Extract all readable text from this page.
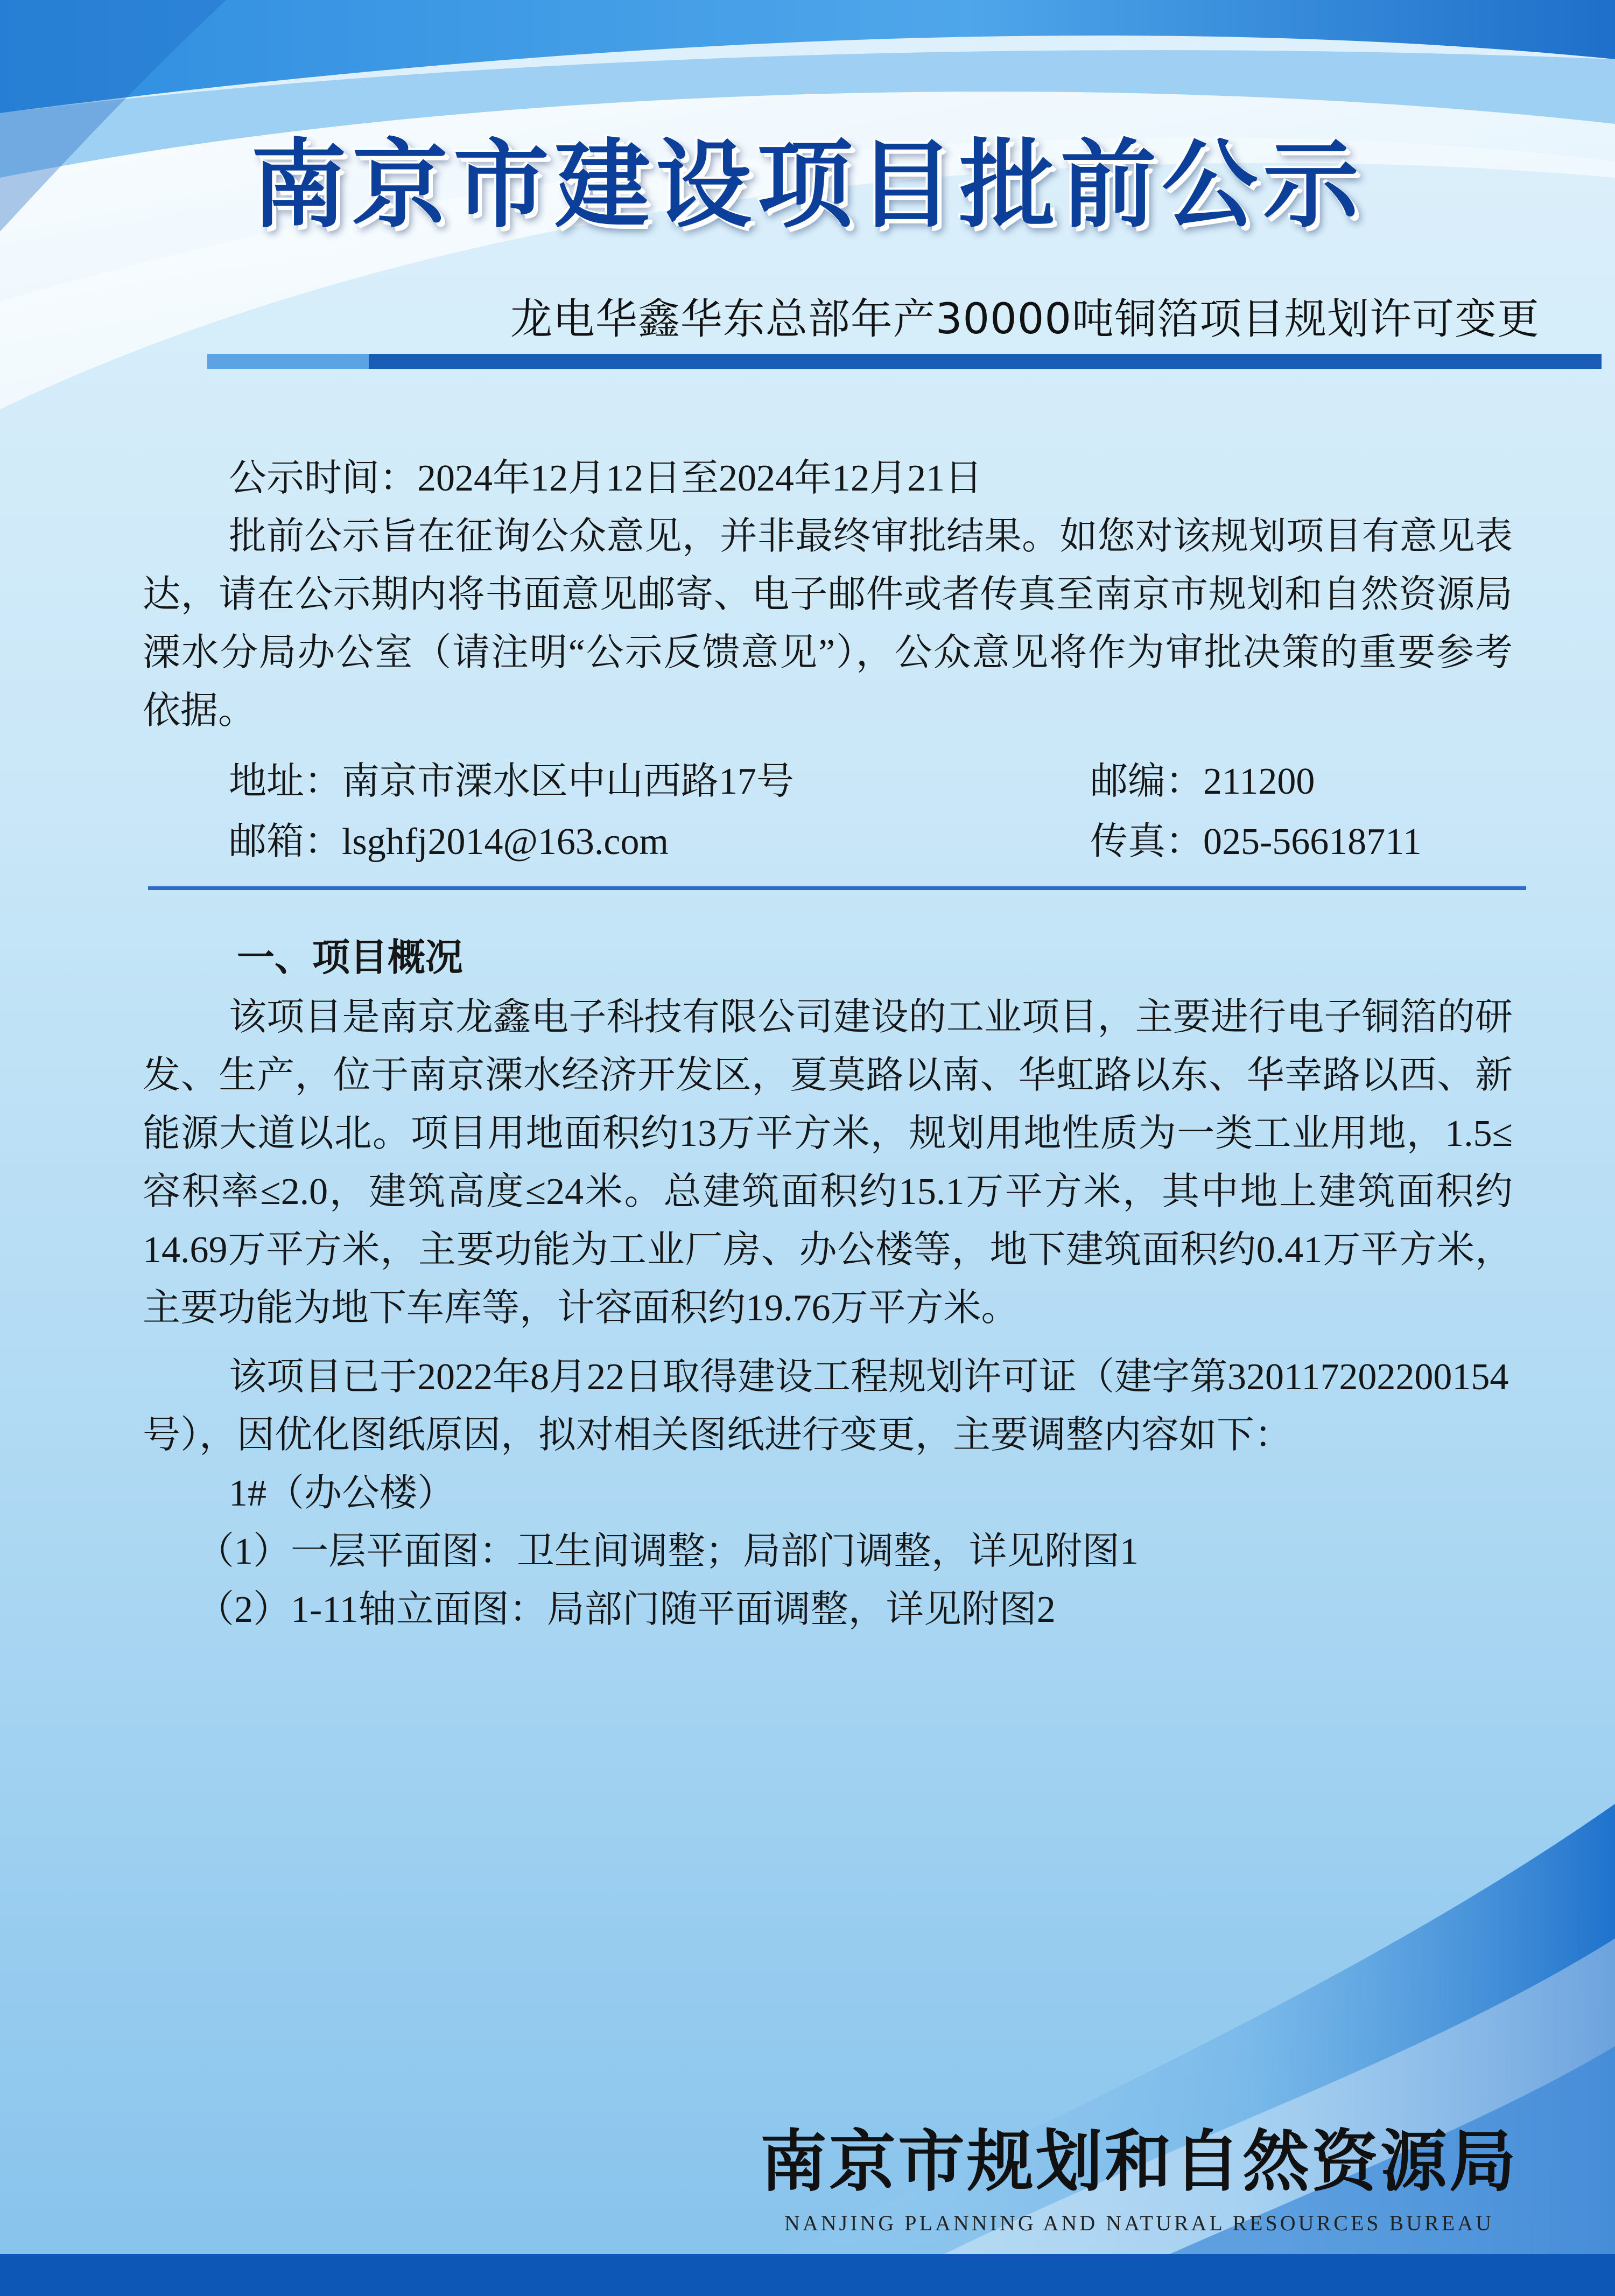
南京市建设项目批前公示
龙电华鑫华东总部年产30000吨铜箔项目规划许可变更

公示时间：2024年12月12日至2024年12月21日

批前公示旨在征询公众意见，并非最终审批结果。如您对该规划项目有意见表达，请在公示期内将书面意见邮寄、电子邮件或者传真至南京市规划和自然资源局溧水分局办公室（请注明“公示反馈意见”），公众意见将作为审批决策的重要参考依据。

地址：南京市溧水区中山西路17号	邮编：211200
邮箱：lsghfj2014@163.com	传真：025-56618711
一、项目概况

该项目是南京龙鑫电子科技有限公司建设的工业项目，主要进行电子铜箔的研发、生产，位于南京溧水经济开发区，夏莫路以南、华虹路以东、华幸路以西、新能源大道以北。项目用地面积约13万平方米，规划用地性质为一类工业用地，1.5≤容积率≤2.0，建筑高度≤24米。总建筑面积约15.1万平方米，其中地上建筑面积约14.69万平方米，主要功能为工业厂房、办公楼等，地下建筑面积约0.41万平方米，主要功能为地下车库等，计容面积约19.76万平方米。

该项目已于2022年8月22日取得建设工程规划许可证（建字第320117202200154号），因优化图纸原因，拟对相关图纸进行变更，主要调整内容如下：

1#（办公楼）

（1）一层平面图：卫生间调整；局部门调整，详见附图1

（2）1-11轴立面图：局部门随平面调整，详见附图2

南京市规划和自然资源局
NANJING PLANNING AND NATURAL RESOURCES BUREAU
